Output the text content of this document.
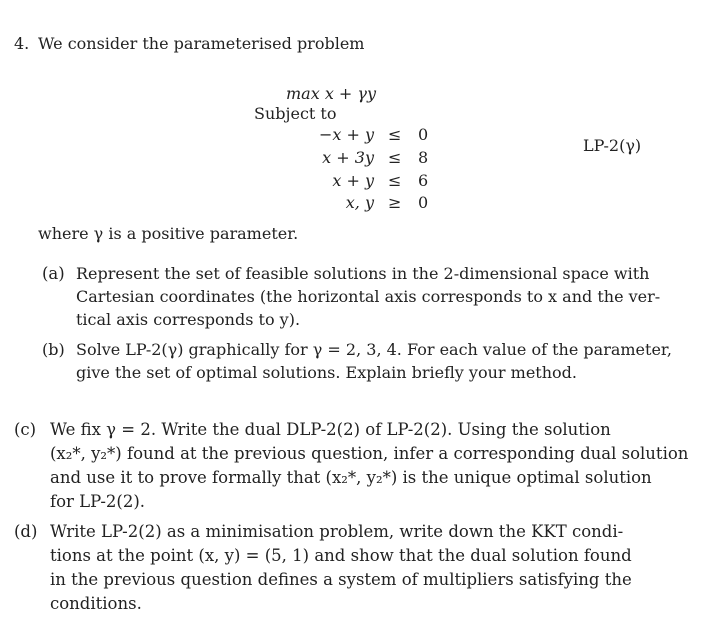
4. We consider the parameterised problem
max x + γy
Subject to
−x + y ≤ 0
x + 3y ≤ 8
x + y ≤ 6
x, y ≥ 0
LP-2(γ)
where γ is a positive parameter.
(a) Represent the set of feasible solutions in the 2-dimensional space with
Cartesian coordinates (the horizontal axis corresponds to x and the ver-
tical axis corresponds to y).
(b) Solve LP-2(γ) graphically for γ = 2, 3, 4. For each value of the parameter,
give the set of optimal solutions. Explain briefly your method.
(c) We fix γ = 2. Write the dual DLP-2(2) of LP-2(2). Using the solution
(x₂*, y₂*) found at the previous question, infer a corresponding dual solution
and use it to prove formally that (x₂*, y₂*) is the unique optimal solution
for LP-2(2).
(d) Write LP-2(2) as a minimisation problem, write down the KKT condi-
tions at the point (x, y) = (5, 1) and show that the dual solution found
in the previous question defines a system of multipliers satisfying the
conditions.
